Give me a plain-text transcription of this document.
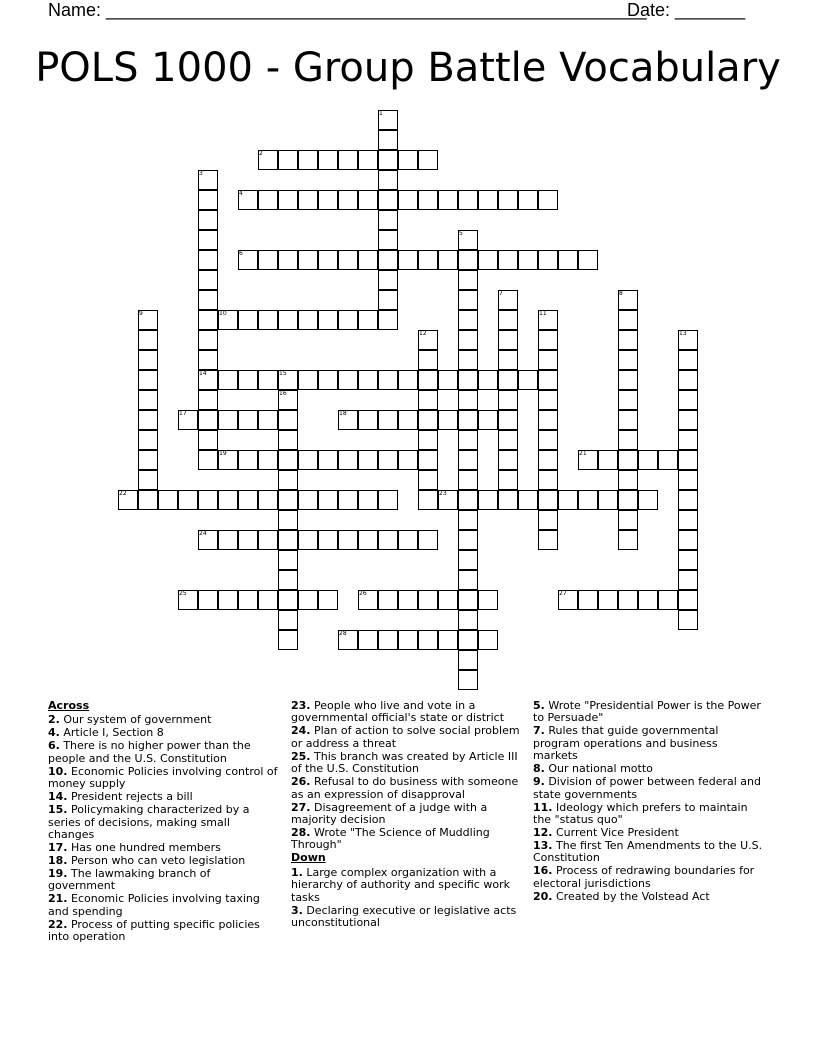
Name: ______________________________________________________
Date: _______
POLS 1000 - Group Battle Vocabulary
2
4
6
10
14	15
17	18
19	21
22	23
24
25	26	27
28
1
3
5
7	8
9	11
12	13
16
Across
2. Our system of government
4. Article I, Section 8
6. There is no higher power than the people and the U.S. Constitution
10. Economic Policies involving control of money supply
14. President rejects a bill
15. Policymaking characterized by a series of decisions, making small changes
17. Has one hundred members
18. Person who can veto legislation
19. The lawmaking branch of government
21. Economic Policies involving taxing and spending
22. Process of putting specific policies into operation
23. People who live and vote in a governmental official's state or district
24. Plan of action to solve social problem or address a threat
25. This branch was created by Article III of the U.S. Constitution
26. Refusal to do business with someone as an expression of disapproval
27. Disagreement of a judge with a majority decision
28. Wrote "The Science of Muddling Through"
Down
1. Large complex organization with a hierarchy of authority and specific work tasks
3. Declaring executive or legislative acts unconstitutional
5. Wrote "Presidential Power is the Power to Persuade"
7. Rules that guide governmental program operations and business markets
8. Our national motto
9. Division of power between federal and state governments
11. Ideology which prefers to maintain the "status quo"
12. Current Vice President
13. The first Ten Amendments to the U.S. Constitution
16. Process of redrawing boundaries for electoral jurisdictions
20. Created by the Volstead Act
